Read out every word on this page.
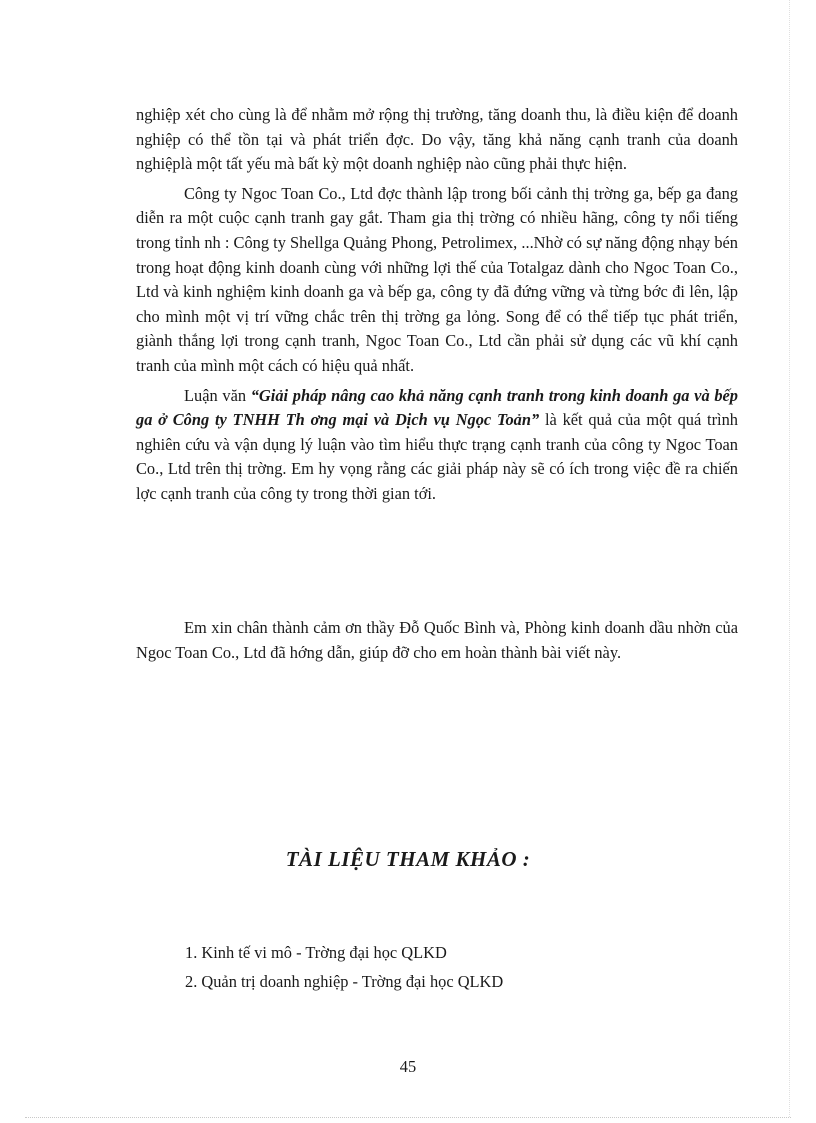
nghiệp xét cho cùng là để nhằm mở rộng thị trường, tăng doanh thu, là điều kiện để doanh nghiệp có thể tồn tại và phát triển đợc. Do vậy, tăng khả năng cạnh tranh của doanh nghiệplà một tất yếu mà bất kỳ một doanh nghiệp nào cũng phải thực hiện.

Công ty Ngoc Toan Co., Ltd đợc thành lập trong bối cảnh thị trờng ga, bếp ga đang diễn ra một cuộc cạnh tranh gay gắt. Tham gia thị trờng có nhiều hãng, công ty nổi tiếng trong tỉnh nh : Công ty Shellga Quảng Phong, Petrolimex, ...Nhờ có sự năng động nhạy bén trong hoạt động kinh doanh cùng với những lợi thế của Totalgaz dành cho Ngoc Toan Co., Ltd và kinh nghiệm kinh doanh ga và bếp ga, công ty đã đứng vững và từng bớc đi lên, lập cho mình một vị trí vững chắc trên thị trờng ga lỏng. Song để có thể tiếp tục phát triển, giành thắng lợi trong cạnh tranh, Ngoc Toan Co., Ltd cần phải sử dụng các vũ khí cạnh tranh của mình một cách có hiệu quả nhất.

Luận văn “Giải pháp nâng cao khả năng cạnh tranh trong kinh doanh ga và bếp ga ở Công ty TNHH Th ơng mại và Dịch vụ Ngọc Toản” là kết quả của một quá trình nghiên cứu và vận dụng lý luận vào tìm hiểu thực trạng cạnh tranh của công ty Ngoc Toan Co., Ltd trên thị trờng. Em hy vọng rằng các giải pháp này sẽ có ích trong việc đề ra chiến lợc cạnh tranh của công ty trong thời gian tới.

Em xin chân thành cảm ơn thầy Đỗ Quốc Bình và, Phòng kinh doanh dầu nhờn của Ngoc Toan Co., Ltd đã hớng dẫn, giúp đỡ cho em hoàn thành bài viết này.

TÀI LIỆU THAM KHẢO :
1. Kinh tế vi mô - Trờng đại học QLKD
2. Quản trị doanh nghiệp - Trờng đại học QLKD
45
